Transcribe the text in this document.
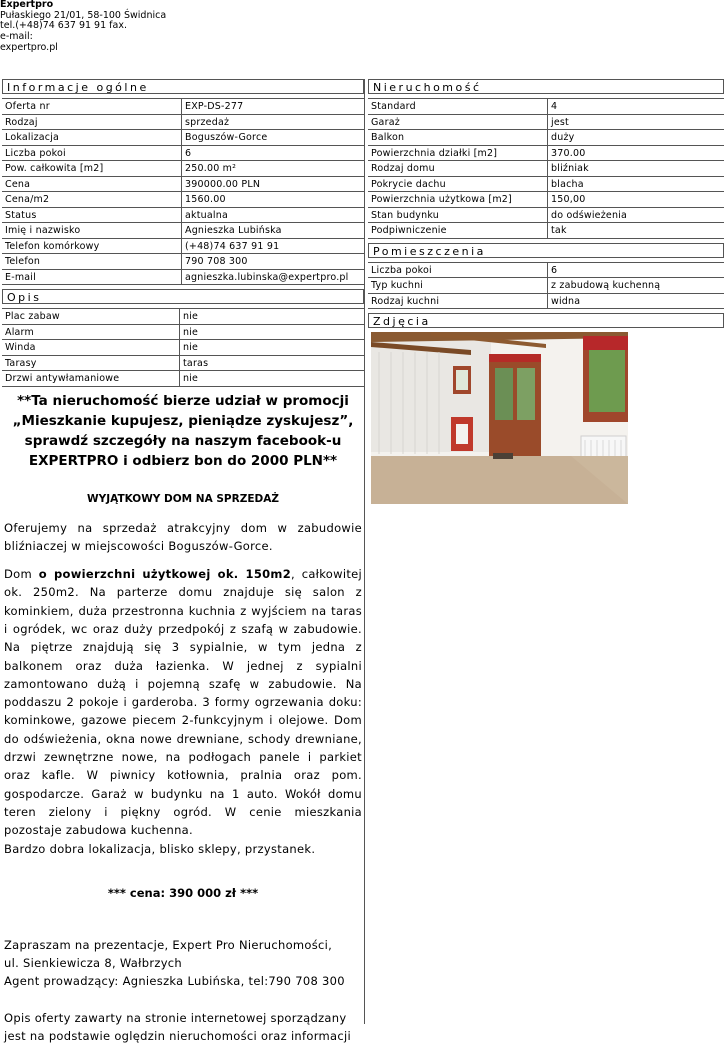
Expertpro
Pułaskiego 21/01, 58-100 Świdnica
tel.(+48)74 637 91 91 fax.
e-mail:
expertpro.pl
Informacje ogólne
Oferta nr	EXP-DS-277
Rodzaj	sprzedaż
Lokalizacja	Boguszów-Gorce
Liczba pokoi	6
Pow. całkowita [m2]	250.00 m²
Cena	390000.00 PLN
Cena/m2	1560.00
Status	aktualna
Imię i nazwisko	Agnieszka Lubińska
Telefon komórkowy	(+48)74 637 91 91
Telefon	790 708 300
E-mail	agnieszka.lubinska@expertpro.pl
Opis
Plac zabaw	nie
Alarm	nie
Winda	nie
Tarasy	taras
Drzwi antywłamaniowe	nie
**Ta nieruchomość bierze udział w promocji „Mieszkanie kupujesz, pieniądze zyskujesz”, sprawdź szczegóły na naszym facebook-u EXPERTPRO i odbierz bon do 2000 PLN**
WYJĄTKOWY DOM NA SPRZEDAŻ
Oferujemy na sprzedaż atrakcyjny dom w zabudowie bliźniaczej w miejscowości Boguszów-Gorce.
Dom o powierzchni użytkowej ok. 150m2, całkowitej ok. 250m2. Na parterze domu znajduje się salon z kominkiem, duża przestronna kuchnia z wyjściem na taras i ogródek, wc oraz duży przedpokój z szafą w zabudowie. Na piętrze znajdują się 3 sypialnie, w tym jedna z balkonem oraz duża łazienka. W jednej z sypialni zamontowano dużą i pojemną szafę w zabudowie. Na poddaszu 2 pokoje i garderoba. 3 formy ogrzewania doku: kominkowe, gazowe piecem 2-funkcyjnym i olejowe. Dom do odświeżenia, okna nowe drewniane, schody drewniane, drzwi zewnętrzne nowe, na podłogach panele i parkiet oraz kafle. W piwnicy kotłownia, pralnia oraz pom. gospodarcze. Garaż w budynku na 1 auto. Wokół domu teren zielony i piękny ogród. W cenie mieszkania pozostaje zabudowa kuchenna.
Bardzo dobra lokalizacja, blisko sklepy, przystanek.
*** cena: 390 000 zł ***
Zapraszam na prezentacje, Expert Pro Nieruchomości, ul. Sienkiewicza 8, Wałbrzych
Agent prowadzący: Agnieszka Lubińska, tel:790 708 300
Opis oferty zawarty na stronie internetowej sporządzany jest na podstawie oględzin nieruchomości oraz informacji
Nieruchomość
Standard	4
Garaż	jest
Balkon	duży
Powierzchnia działki [m2]	370.00
Rodzaj domu	bliźniak
Pokrycie dachu	blacha
Powierzchnia użytkowa [m2]	150,00
Stan budynku	do odświeżenia
Podpiwniczenie	tak
Pomieszczenia
Liczba pokoi	6
Typ kuchni	z zabudową kuchenną
Rodzaj kuchni	widna
Zdjęcia
